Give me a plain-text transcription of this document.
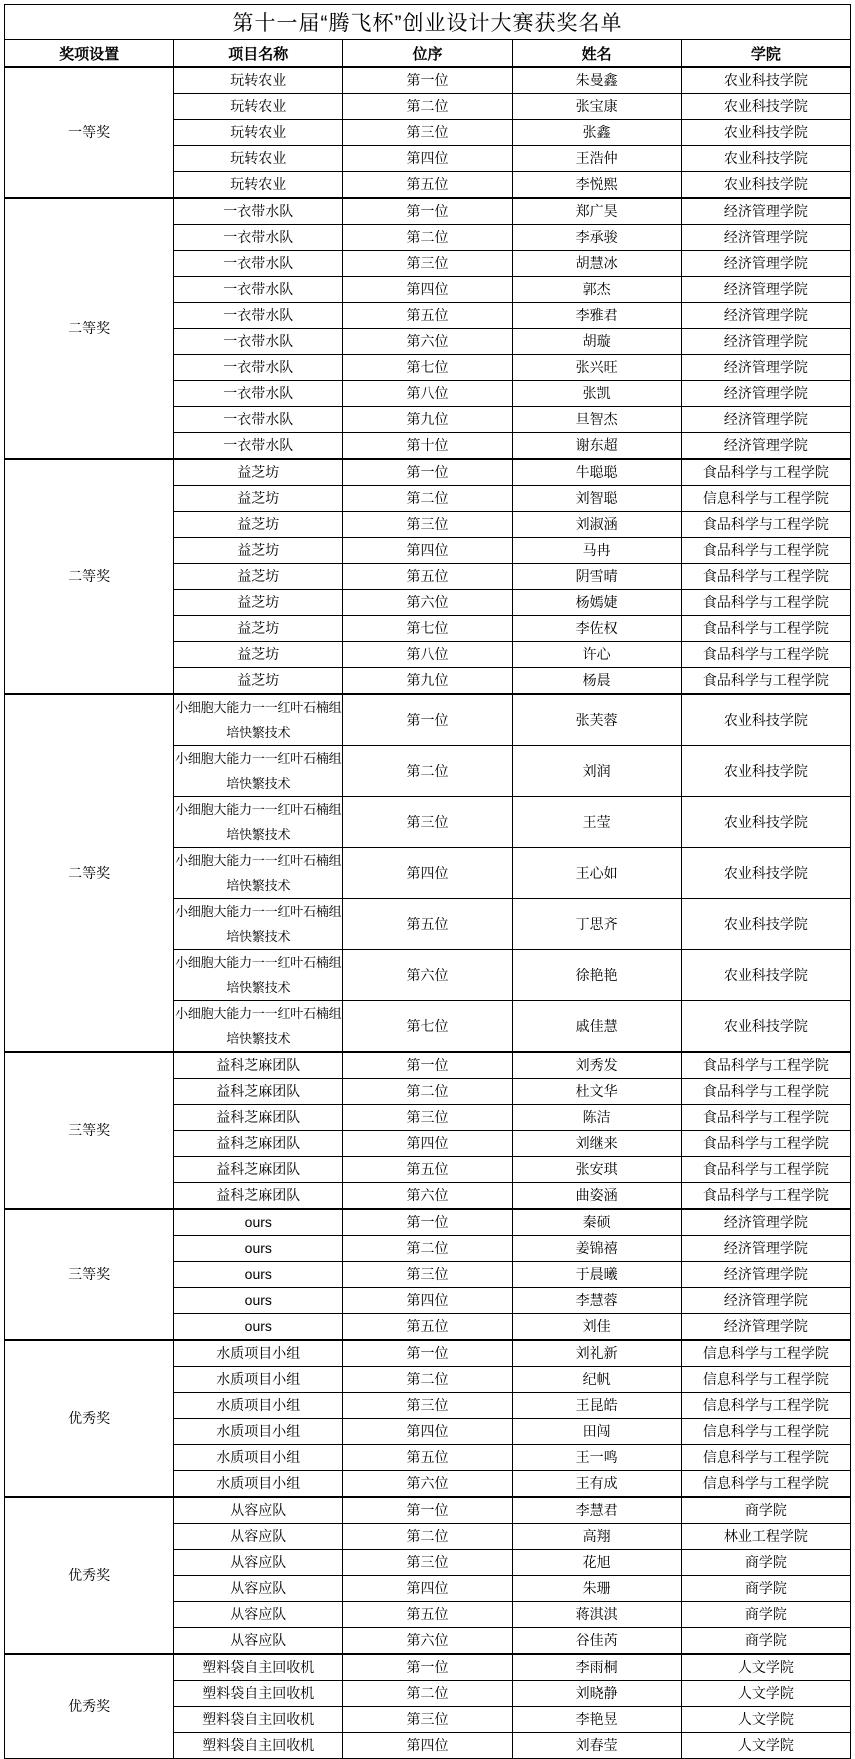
第十一届“腾飞杯”创业设计大赛获奖名单				
奖项设置	项目名称	位序	姓名	学院
一等奖	玩转农业	第一位	朱曼鑫	农业科技学院
	玩转农业	第二位	张宝康	农业科技学院
	玩转农业	第三位	张鑫	农业科技学院
	玩转农业	第四位	王浩仲	农业科技学院
	玩转农业	第五位	李悦熙	农业科技学院
二等奖	一衣带水队	第一位	郑广昊	经济管理学院
	一衣带水队	第二位	李承骏	经济管理学院
	一衣带水队	第三位	胡慧冰	经济管理学院
	一衣带水队	第四位	郭杰	经济管理学院
	一衣带水队	第五位	李雅君	经济管理学院
	一衣带水队	第六位	胡璇	经济管理学院
	一衣带水队	第七位	张兴旺	经济管理学院
	一衣带水队	第八位	张凯	经济管理学院
	一衣带水队	第九位	旦智杰	经济管理学院
	一衣带水队	第十位	谢东超	经济管理学院
二等奖	益芝坊	第一位	牛聪聪	食品科学与工程学院
	益芝坊	第二位	刘智聪	信息科学与工程学院
	益芝坊	第三位	刘淑涵	食品科学与工程学院
	益芝坊	第四位	马冉	食品科学与工程学院
	益芝坊	第五位	阴雪晴	食品科学与工程学院
	益芝坊	第六位	杨嫣婕	食品科学与工程学院
	益芝坊	第七位	李佐权	食品科学与工程学院
	益芝坊	第八位	许心	食品科学与工程学院
	益芝坊	第九位	杨晨	食品科学与工程学院
二等奖	小细胞大能力一一红叶石楠组培快繁技术	第一位	张芙蓉	农业科技学院
	小细胞大能力一一红叶石楠组培快繁技术	第二位	刘润	农业科技学院
	小细胞大能力一一红叶石楠组培快繁技术	第三位	王莹	农业科技学院
	小细胞大能力一一红叶石楠组培快繁技术	第四位	王心如	农业科技学院
	小细胞大能力一一红叶石楠组培快繁技术	第五位	丁思齐	农业科技学院
	小细胞大能力一一红叶石楠组培快繁技术	第六位	徐艳艳	农业科技学院
	小细胞大能力一一红叶石楠组培快繁技术	第七位	戚佳慧	农业科技学院
三等奖	益科芝麻团队	第一位	刘秀发	食品科学与工程学院
	益科芝麻团队	第二位	杜文华	食品科学与工程学院
	益科芝麻团队	第三位	陈洁	食品科学与工程学院
	益科芝麻团队	第四位	刘继来	食品科学与工程学院
	益科芝麻团队	第五位	张安琪	食品科学与工程学院
	益科芝麻团队	第六位	曲姿涵	食品科学与工程学院
三等奖	ours	第一位	秦硕	经济管理学院
	ours	第二位	姜锦禧	经济管理学院
	ours	第三位	于晨曦	经济管理学院
	ours	第四位	李慧蓉	经济管理学院
	ours	第五位	刘佳	经济管理学院
优秀奖	水质项目小组	第一位	刘礼新	信息科学与工程学院
	水质项目小组	第二位	纪帆	信息科学与工程学院
	水质项目小组	第三位	王昆皓	信息科学与工程学院
	水质项目小组	第四位	田闯	信息科学与工程学院
	水质项目小组	第五位	王一鸣	信息科学与工程学院
	水质项目小组	第六位	王有成	信息科学与工程学院
优秀奖	从容应队	第一位	李慧君	商学院
	从容应队	第二位	高翔	林业工程学院
	从容应队	第三位	花旭	商学院
	从容应队	第四位	朱珊	商学院
	从容应队	第五位	蒋淇淇	商学院
	从容应队	第六位	谷佳芮	商学院
优秀奖	塑料袋自主回收机	第一位	李雨桐	人文学院
	塑料袋自主回收机	第二位	刘晓静	人文学院
	塑料袋自主回收机	第三位	李艳昱	人文学院
	塑料袋自主回收机	第四位	刘春莹	人文学院
